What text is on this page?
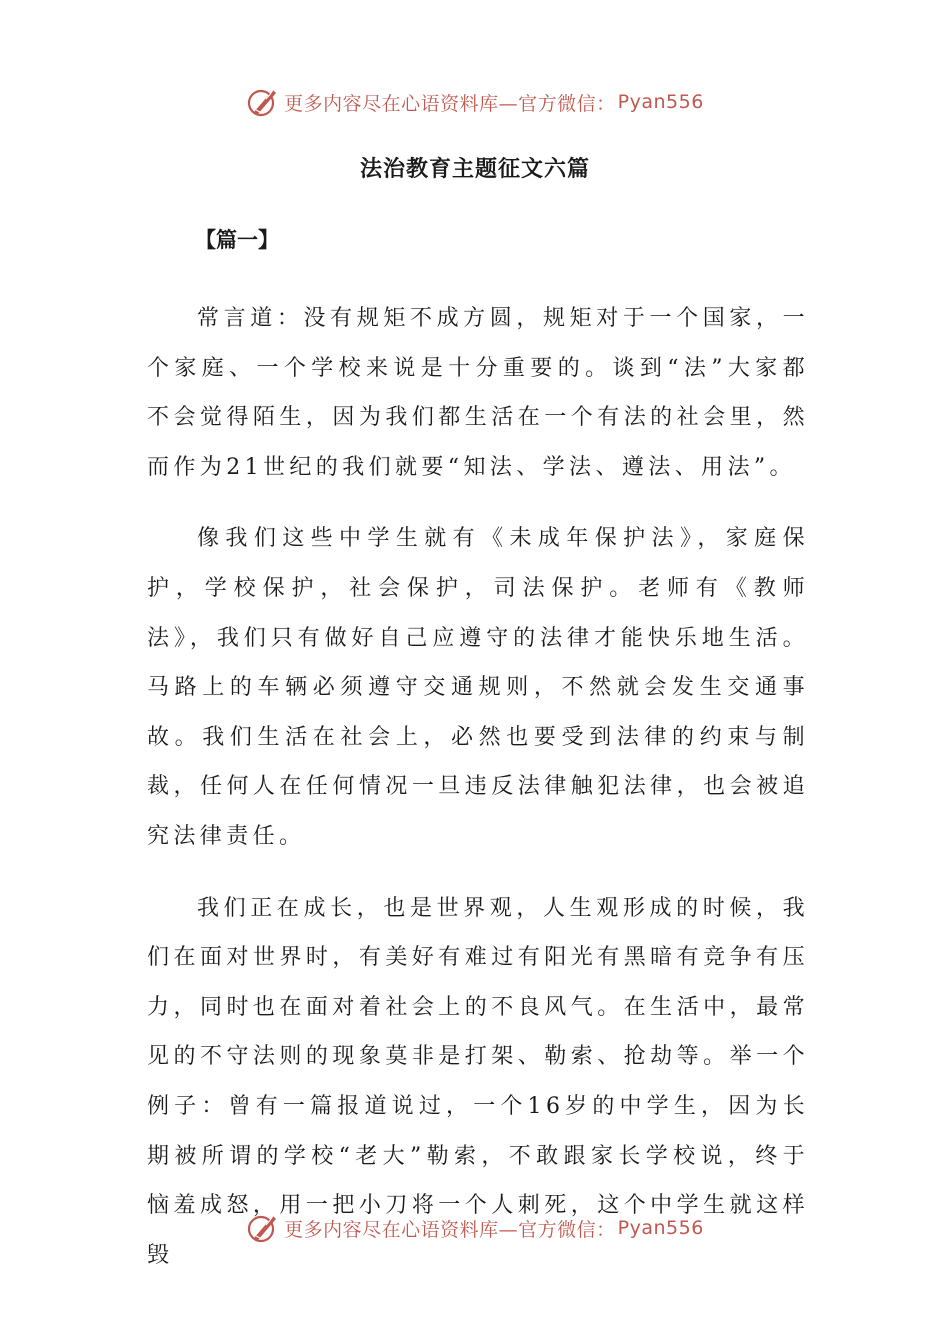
更多内容尽在心语资料库—官方微信： Pyan556
法治教育主题征文六篇
【篇一】

常言道：没有规矩不成方圆，规矩对于一个国家，一个家庭、一个学校来说是十分重要的。谈到“法”大家都不会觉得陌生，因为我们都生活在一个有法的社会里，然而作为21世纪的我们就要“知法、学法、遵法、用法”。

像我们这些中学生就有《未成年保护法》，家庭保护，学校保护，社会保护，司法保护。老师有《教师法》，我们只有做好自己应遵守的法律才能快乐地生活。马路上的车辆必须遵守交通规则，不然就会发生交通事故。我们生活在社会上，必然也要受到法律的约束与制裁，任何人在任何情况一旦违反法律触犯法律，也会被追究法律责任。

我们正在成长，也是世界观，人生观形成的时候，我们在面对世界时，有美好有难过有阳光有黑暗有竞争有压力，同时也在面对着社会上的不良风气。在生活中，最常见的不守法则的现象莫非是打架、勒索、抢劫等。举一个例子：曾有一篇报道说过，一个16岁的中学生，因为长期被所谓的学校“老大”勒索，不敢跟家长学校说，终于恼羞成怒，用一把小刀将一个人刺死，这个中学生就这样毁

更多内容尽在心语资料库—官方微信： Pyan556
